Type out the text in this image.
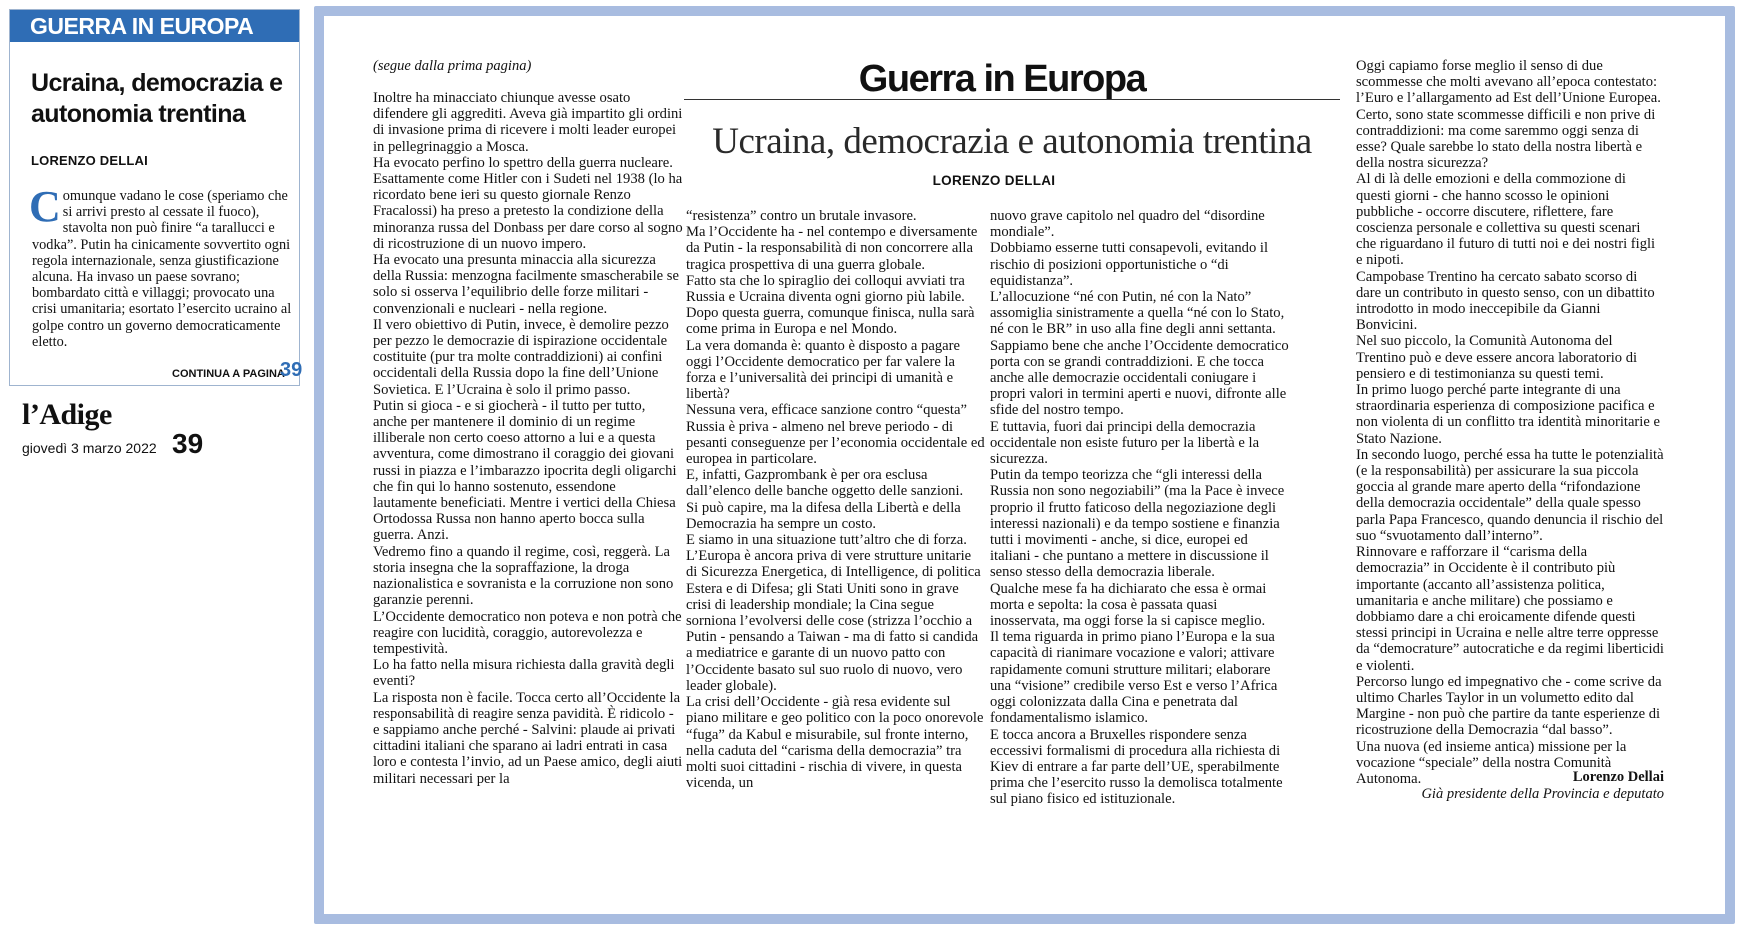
GUERRA IN EUROPA
Ucraina, democrazia e autonomia trentina
LORENZO DELLAI

Comunque vadano le cose (speriamo che si arrivi presto al cessate il fuoco), stavolta non può finire “a tarallucci e vodka”. Putin ha cinicamente sovvertito ogni regola internazionale, senza giustificazione alcuna. Ha invaso un paese sovrano; bombardato città e villaggi; provocato una crisi umanitaria; esortato l’esercito ucraino al golpe contro un governo democraticamente eletto.

CONTINUA A PAGINA
39
l’Adige
giovedì 3 marzo 2022 39
(segue dalla prima pagina)	Guerra in Europa
Ucraina, democrazia e autonomia trentina
LORENZO DELLAI

Inoltre ha minacciato chiunque avesse osato difendere gli aggrediti. Aveva già impartito gli ordini di invasione prima di ricevere i molti leader europei in pellegrinaggio a Mosca.
Ha evocato perfino lo spettro della guerra nucleare.
Esattamente come Hitler con i Sudeti nel 1938 (lo ha ricordato bene ieri su questo giornale Renzo Fracalossi) ha preso a pretesto la condizione della minoranza russa del Donbass per dare corso al sogno di ricostruzione di un nuovo impero.
Ha evocato una presunta minaccia alla sicurezza della Russia: menzogna facilmente smascherabile se solo si osserva l’equilibrio delle forze militari - convenzionali e nucleari - nella regione.
Il vero obiettivo di Putin, invece, è demolire pezzo per pezzo le democrazie di ispirazione occidentale costituite (pur tra molte contraddizioni) ai confini occidentali della Russia dopo la fine dell’Unione Sovietica. E l’Ucraina è solo il primo passo.
Putin si gioca - e si giocherà - il tutto per tutto, anche per mantenere il dominio di un regime illiberale non certo coeso attorno a lui e a questa avventura, come dimostrano il coraggio dei giovani russi in piazza e l’imbarazzo ipocrita degli oligarchi che fin qui lo hanno sostenuto, essendone lautamente beneficiati. Mentre i vertici della Chiesa Ortodossa Russa non hanno aperto bocca sulla guerra. Anzi.
Vedremo fino a quando il regime, così, reggerà. La storia insegna che la sopraffazione, la droga nazionalistica e sovranista e la corruzione non sono garanzie perenni.
L’Occidente democratico non poteva e non potrà che reagire con lucidità, coraggio, autorevolezza e tempestività.
Lo ha fatto nella misura richiesta dalla gravità degli eventi?
La risposta non è facile. Tocca certo all’Occidente la responsabilità di reagire senza pavidità. È ridicolo - e sappiamo anche perché - Salvini: plaude ai privati cittadini italiani che sparano ai ladri entrati in casa loro e contesta l’invio, ad un Paese amico, degli aiuti militari necessari per la

“resistenza” contro un brutale invasore.
Ma l’Occidente ha - nel contempo e diversamente da Putin - la responsabilità di non concorrere alla tragica prospettiva di una guerra globale.
Fatto sta che lo spiraglio dei colloqui avviati tra Russia e Ucraina diventa ogni giorno più labile.
Dopo questa guerra, comunque finisca, nulla sarà come prima in Europa e nel Mondo.
La vera domanda è: quanto è disposto a pagare oggi l’Occidente democratico per far valere la forza e l’universalità dei principi di umanità e libertà?
Nessuna vera, efficace sanzione contro “questa” Russia è priva - almeno nel breve periodo - di pesanti conseguenze per l’economia occidentale ed europea in particolare.
E, infatti, Gazprombank è per ora esclusa dall’elenco delle banche oggetto delle sanzioni.
Si può capire, ma la difesa della Libertà e della Democrazia ha sempre un costo.
E siamo in una situazione tutt’altro che di forza.
L’Europa è ancora priva di vere strutture unitarie di Sicurezza Energetica, di Intelligence, di politica Estera e di Difesa; gli Stati Uniti sono in grave crisi di leadership mondiale; la Cina segue sorniona l’evolversi delle cose (strizza l’occhio a Putin - pensando a Taiwan - ma di fatto si candida a mediatrice e garante di un nuovo patto con l’Occidente basato sul suo ruolo di nuovo, vero leader globale).
La crisi dell’Occidente - già resa evidente sul piano militare e geo politico con la poco onorevole “fuga” da Kabul e misurabile, sul fronte interno, nella caduta del “carisma della democrazia” tra molti suoi cittadini - rischia di vivere, in questa vicenda, un

nuovo grave capitolo nel quadro del “disordine mondiale”.
Dobbiamo esserne tutti consapevoli, evitando il rischio di posizioni opportunistiche o “di equidistanza”.
L’allocuzione “né con Putin, né con la Nato” assomiglia sinistramente a quella “né con lo Stato, né con le BR” in uso alla fine degli anni settanta.
Sappiamo bene che anche l’Occidente democratico porta con se grandi contraddizioni. E che tocca anche alle democrazie occidentali coniugare i propri valori in termini aperti e nuovi, difronte alle sfide del nostro tempo.
E tuttavia, fuori dai principi della democrazia occidentale non esiste futuro per la libertà e la sicurezza.
Putin da tempo teorizza che “gli interessi della Russia non sono negoziabili” (ma la Pace è invece proprio il frutto faticoso della negoziazione degli interessi nazionali) e da tempo sostiene e finanzia tutti i movimenti - anche, si dice, europei ed italiani - che puntano a mettere in discussione il senso stesso della democrazia liberale.
Qualche mese fa ha dichiarato che essa è ormai morta e sepolta: la cosa è passata quasi inosservata, ma oggi forse la si capisce meglio.
Il tema riguarda in primo piano l’Europa e la sua capacità di rianimare vocazione e valori; attivare rapidamente comuni strutture militari; elaborare una “visione” credibile verso Est e verso l’Africa oggi colonizzata dalla Cina e penetrata dal fondamentalismo islamico.
E tocca ancora a Bruxelles rispondere senza eccessivi formalismi di procedura alla richiesta di Kiev di entrare a far parte dell’UE, sperabilmente prima che l’esercito russo la demolisca totalmente sul piano fisico ed istituzionale.

Oggi capiamo forse meglio il senso di due scommesse che molti avevano all’epoca contestato: l’Euro e l’allargamento ad Est dell’Unione Europea.
Certo, sono state scommesse difficili e non prive di contraddizioni: ma come saremmo oggi senza di esse? Quale sarebbe lo stato della nostra libertà e della nostra sicurezza?
Al di là delle emozioni e della commozione di questi giorni - che hanno scosso le opinioni pubbliche - occorre discutere, riflettere, fare coscienza personale e collettiva su questi scenari che riguardano il futuro di tutti noi e dei nostri figli e nipoti.
Campobase Trentino ha cercato sabato scorso di dare un contributo in questo senso, con un dibattito introdotto in modo ineccepibile da Gianni Bonvicini.
Nel suo piccolo, la Comunità Autonoma del Trentino può e deve essere ancora laboratorio di pensiero e di testimonianza su questi temi.
In primo luogo perché parte integrante di una straordinaria esperienza di composizione pacifica e non violenta di un conflitto tra identità minoritarie e Stato Nazione.
In secondo luogo, perché essa ha tutte le potenzialità (e la responsabilità) per assicurare la sua piccola goccia al grande mare aperto della “rifondazione della democrazia occidentale” della quale spesso parla Papa Francesco, quando denuncia il rischio del suo “svuotamento dall’interno”.
Rinnovare e rafforzare il “carisma della democrazia” in Occidente è il contributo più importante (accanto all’assistenza politica, umanitaria e anche militare) che possiamo e dobbiamo dare a chi eroicamente difende questi stessi principi in Ucraina e nelle altre terre oppresse da “democrature” autocratiche e da regimi liberticidi e violenti.
Percorso lungo ed impegnativo che - come scrive da ultimo Charles Taylor in un volumetto edito dal Margine - non può che partire da tante esperienze di ricostruzione della Democrazia “dal basso”.
Una nuova (ed insieme antica) missione per la vocazione “speciale” della nostra Comunità Autonoma.	Lorenzo Dellai
Già presidente della Provincia e deputato
